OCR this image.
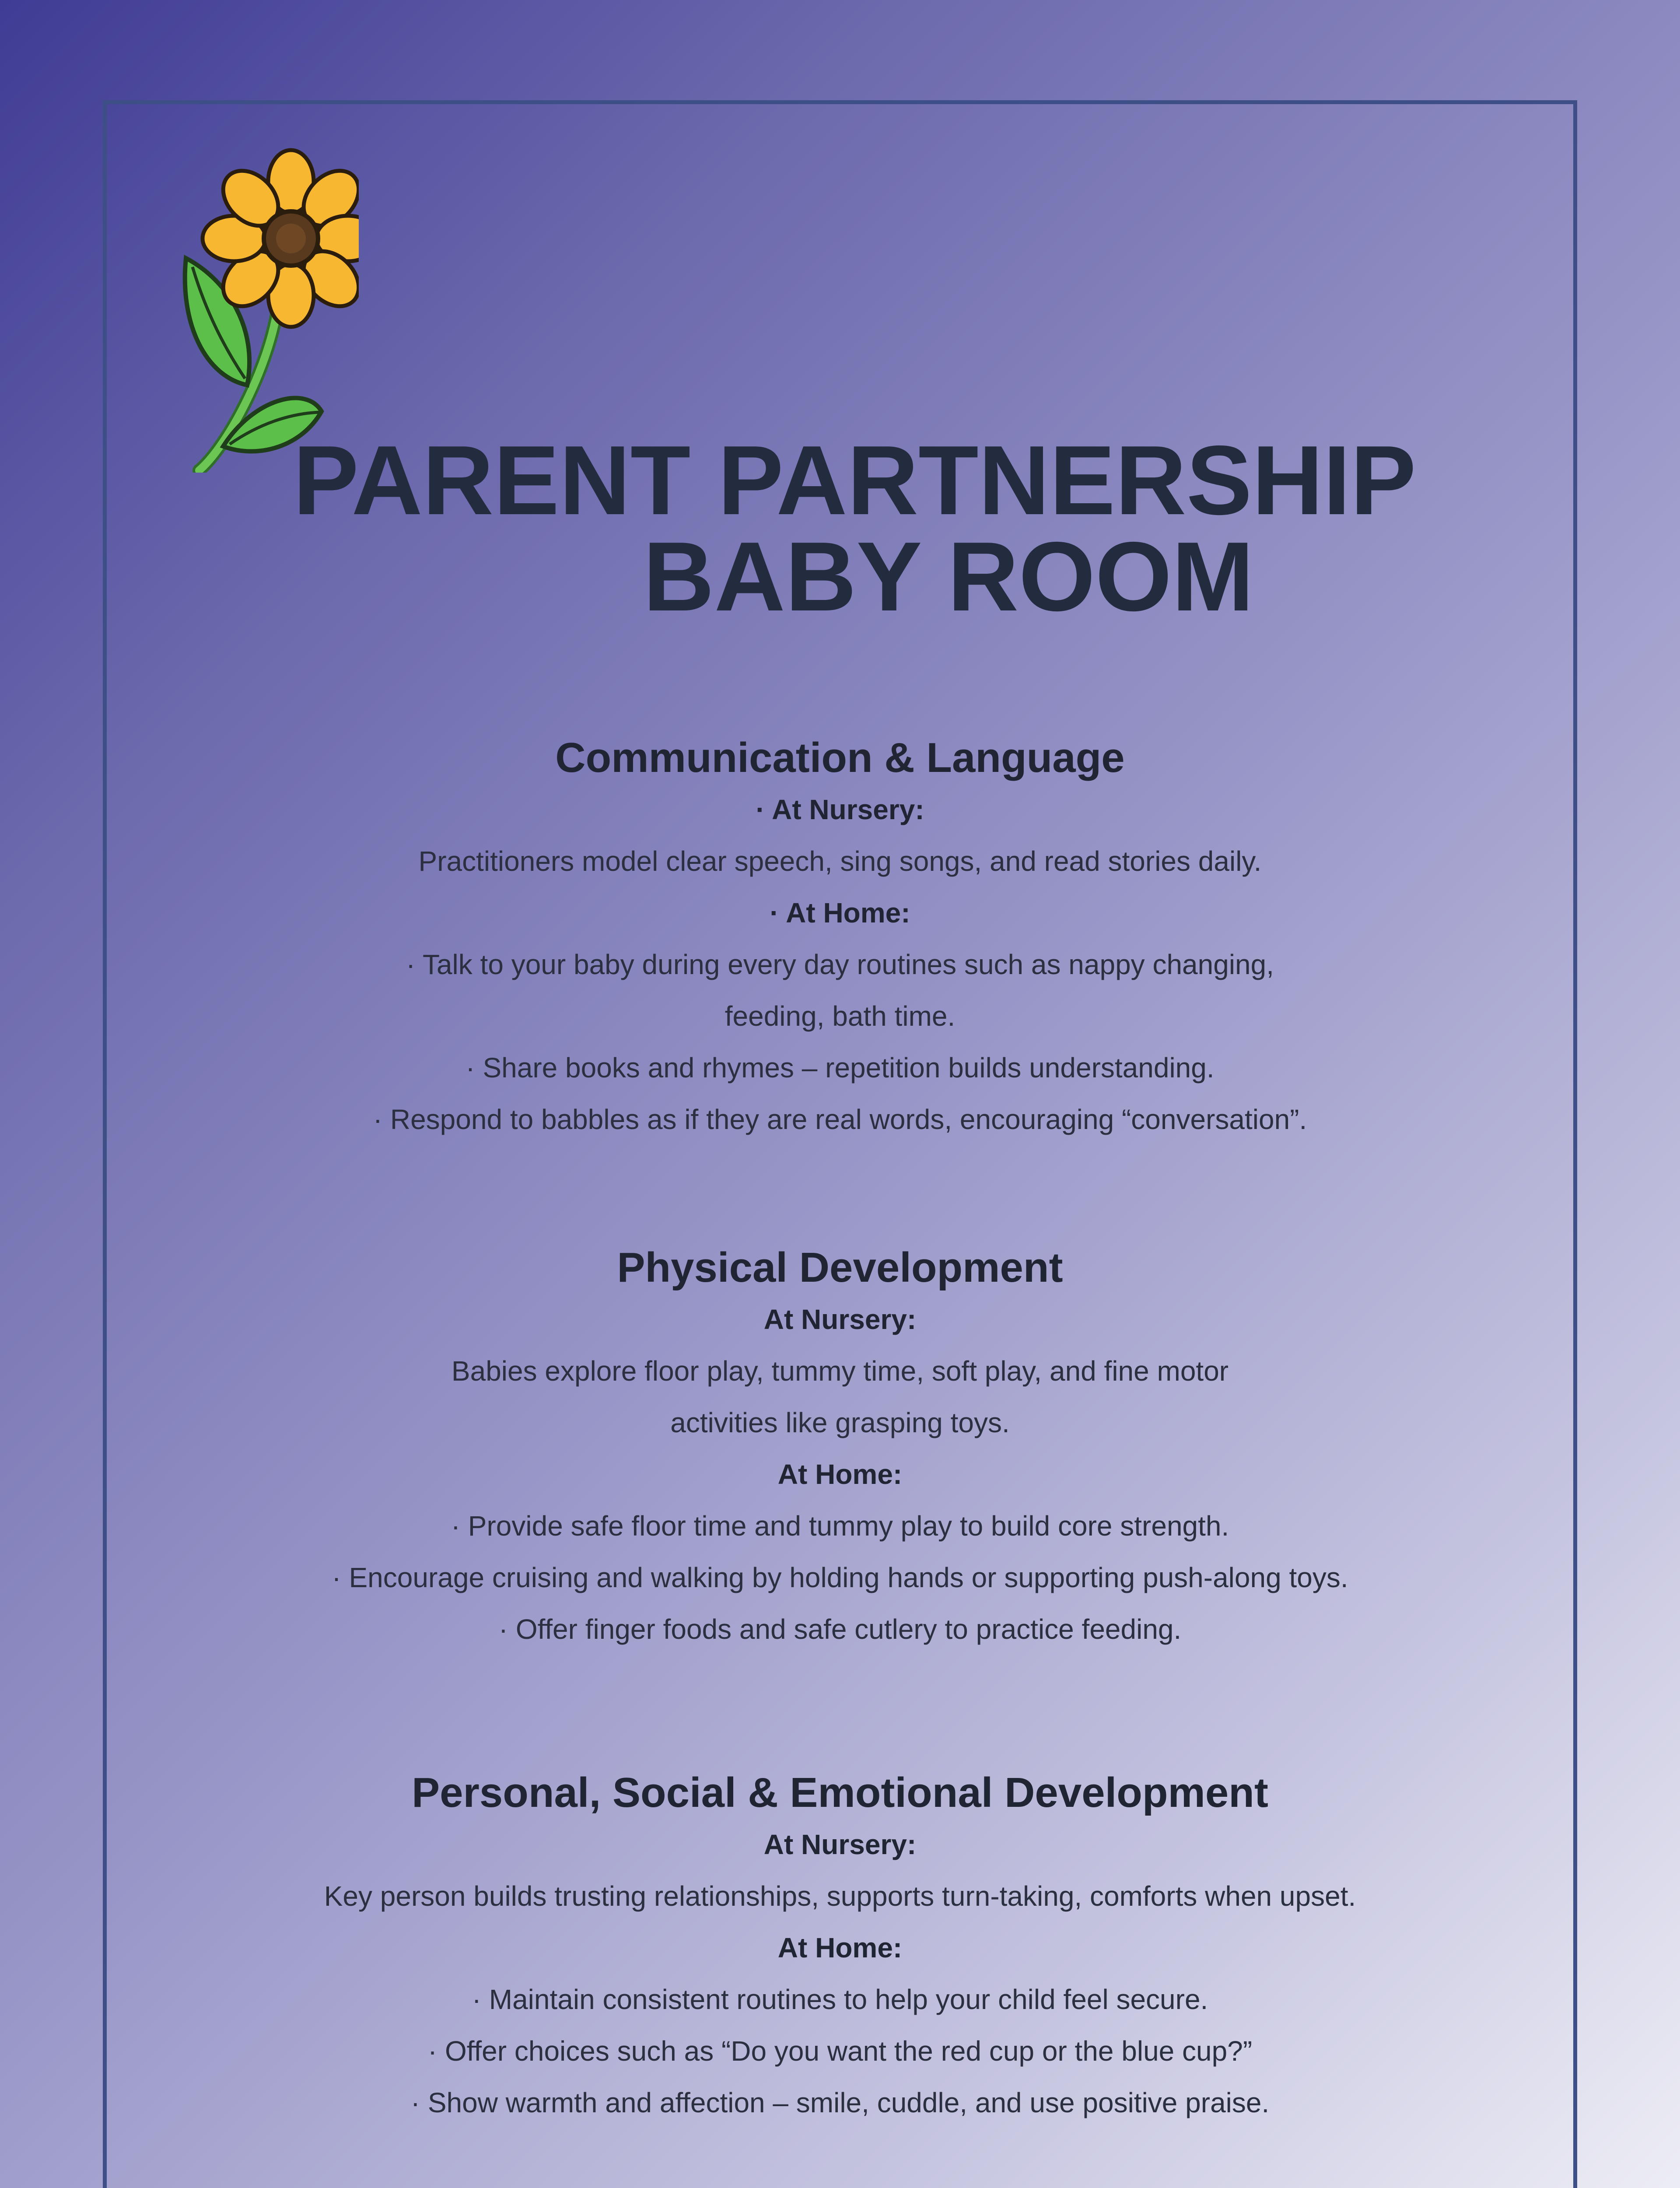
PARENT PARTNERSHIP
BABY ROOM
Communication & Language
· At Nursery:
Practitioners model clear speech, sing songs, and read stories daily.
· At Home:
· Talk to your baby during every day routines such as nappy changing,
feeding, bath time.
· Share books and rhymes – repetition builds understanding.
· Respond to babbles as if they are real words, encouraging “conversation”.
Physical Development
At Nursery:
Babies explore floor play, tummy time, soft play, and fine motor
activities like grasping toys.
At Home:
· Provide safe floor time and tummy play to build core strength.
· Encourage cruising and walking by holding hands or supporting push-along toys.
· Offer finger foods and safe cutlery to practice feeding.
Personal, Social & Emotional Development
At Nursery:
Key person builds trusting relationships, supports turn-taking, comforts when upset.
At Home:
· Maintain consistent routines to help your child feel secure.
· Offer choices such as “Do you want the red cup or the blue cup?”
· Show warmth and affection – smile, cuddle, and use positive praise.
